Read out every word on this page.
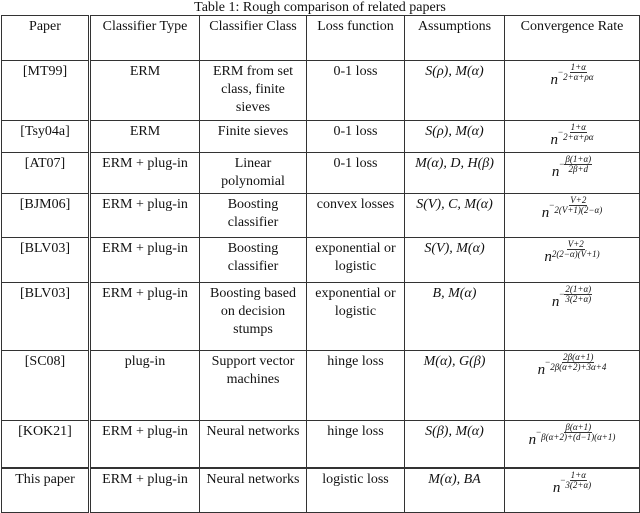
Table 1: Rough comparison of related papers
Paper	Classifier Type	Classifier Class	Loss function	Assumptions	Convergence Rate
[MT99]	ERM	ERM from set class, finite sieves	0-1 loss	S(ρ), M(α)	$n - \frac{1+\alpha}{2+\alpha+\rho\alpha}$

[Tsy04a]	ERM	Finite sieves	0-1 loss	S(ρ), M(α)	$n - \frac{1+\alpha}{2+\alpha+\rho\alpha}$

[AT07]	ERM + plug-in	Linear polynomial	0-1 loss	M(α), D, H(β)	$n - \frac{\beta(1+\alpha)}{2\beta+d}$

[BJM06]	ERM + plug-in	Boosting classifier	convex losses	S(V), C, M(α)	$n - \frac{V+2}{2(V+1)(2-\alpha)}$

[BLV03]	ERM + plug-in	Boosting classifier	exponential or logistic	S(V), M(α)	n $\frac{V+2}{2(2-\alpha)(V+1)}$

[BLV03]	ERM + plug-in	Boosting based on decision stumps	exponential or logistic	B, M(α)	$n - \frac{2(1+\alpha)}{3(2+\alpha)}$

[SC08]	plug-in	Support vector machines	hinge loss	M(α), G(β)	$n - \frac{2\beta(\alpha+1)}{2\beta(\alpha+2)+3\alpha+4}$

[KOK21]	ERM + plug-in	Neural networks	hinge loss	S(β), M(α)	$n - \frac{\beta(\alpha+1)}{\beta(\alpha+2)+(d-1)(\alpha+1)}$

This paper	ERM + plug-in	Neural networks	logistic loss	M(α), BA	$n - \frac{1+\alpha}{3(2+\alpha)}$
